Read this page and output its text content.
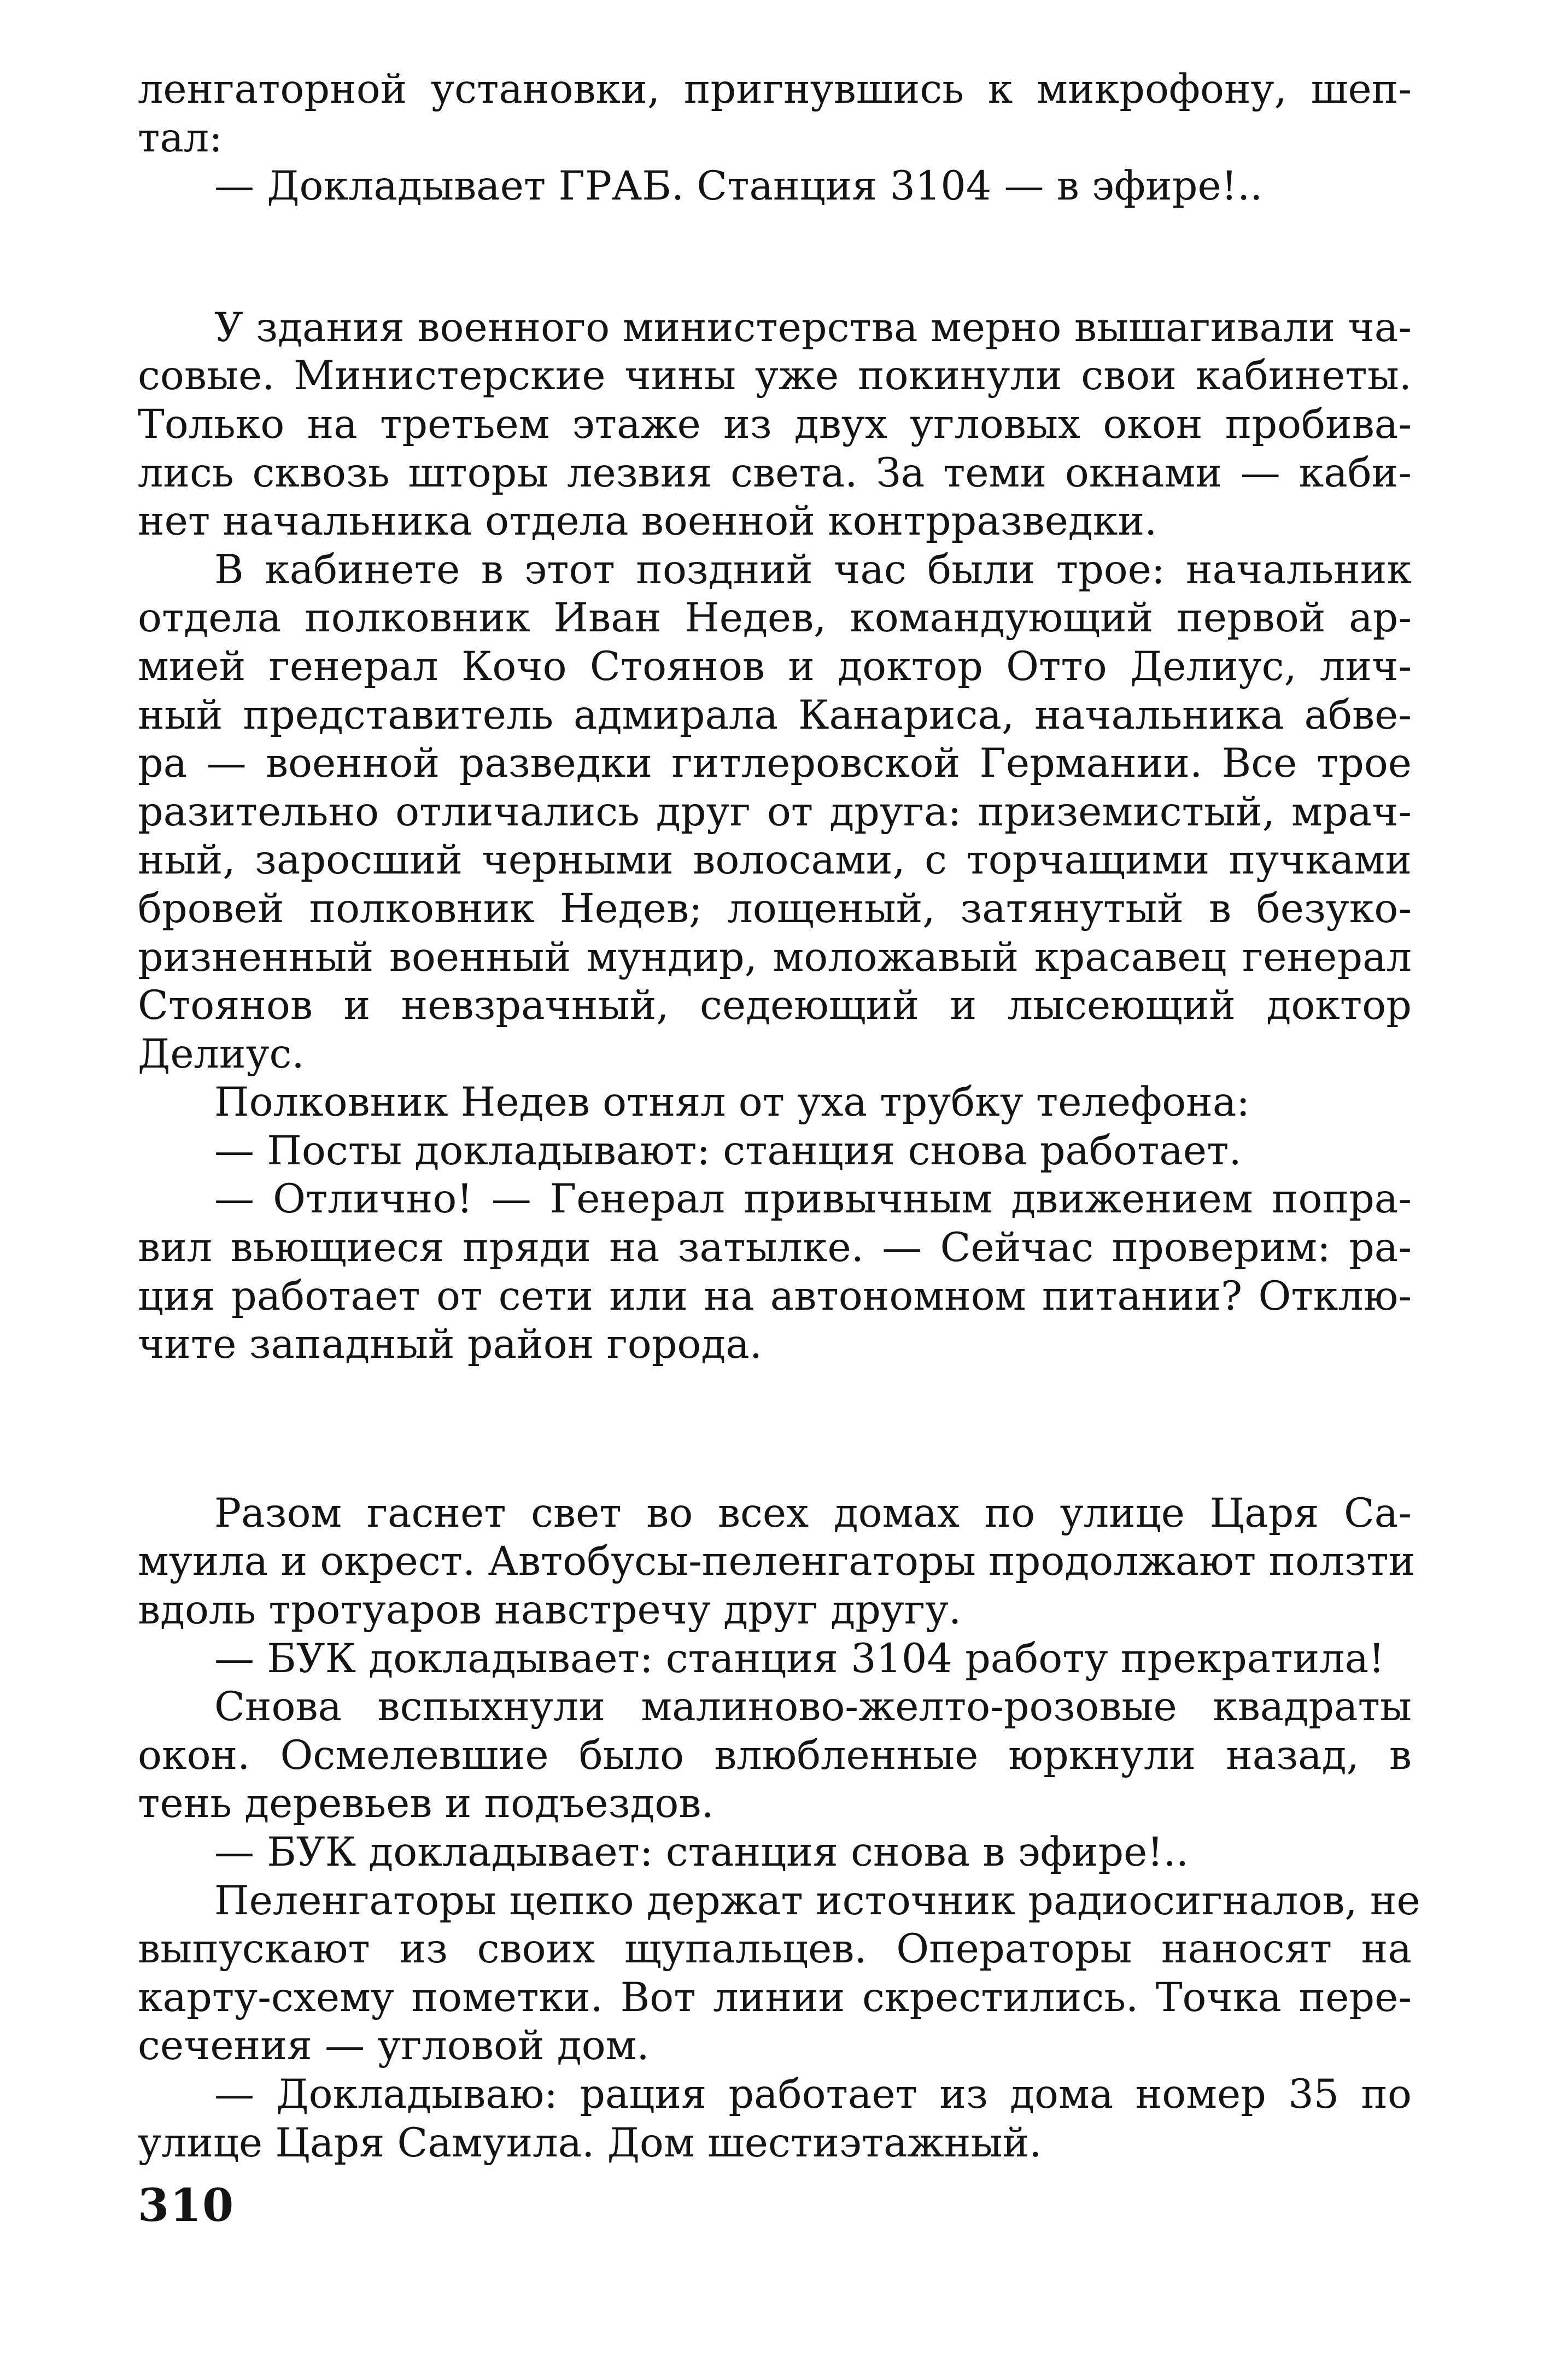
ленгаторной установки, пригнувшись к микрофону, шеп-
тал:
— Докладывает ГРАБ. Станция 3104 — в эфире!..
У здания военного министерства мерно вышагивали ча-
совые. Министерские чины уже покинули свои кабинеты.
Только на третьем этаже из двух угловых окон пробива-
лись сквозь шторы лезвия света. За теми окнами — каби-
нет начальника отдела военной контрразведки.
В кабинете в этот поздний час были трое: начальник
отдела полковник Иван Недев, командующий первой ар-
мией генерал Кочо Стоянов и доктор Отто Делиус, лич-
ный представитель адмирала Канариса, начальника абве-
ра — военной разведки гитлеровской Германии. Все трое
разительно отличались друг от друга: приземистый, мрач-
ный, заросший черными волосами, с торчащими пучками
бровей полковник Недев; лощеный, затянутый в безуко-
ризненный военный мундир, моложавый красавец генерал
Стоянов и невзрачный, седеющий и лысеющий доктор
Делиус.
Полковник Недев отнял от уха трубку телефона:
— Посты докладывают: станция снова работает.
— Отлично! — Генерал привычным движением попра-
вил вьющиеся пряди на затылке. — Сейчас проверим: ра-
ция работает от сети или на автономном питании? Отклю-
чите западный район города.
Разом гаснет свет во всех домах по улице Царя Са-
муила и окрест. Автобусы-пеленгаторы продолжают ползти
вдоль тротуаров навстречу друг другу.
— БУК докладывает: станция 3104 работу прекратила!
Снова вспыхнули малиново-желто-розовые квадраты
окон. Осмелевшие было влюбленные юркнули назад, в
тень деревьев и подъездов.
— БУК докладывает: станция снова в эфире!..
Пеленгаторы цепко держат источник радиосигналов, не
выпускают из своих щупальцев. Операторы наносят на
карту-схему пометки. Вот линии скрестились. Точка пере-
сечения — угловой дом.
— Докладываю: рация работает из дома номер 35 по
улице Царя Самуила. Дом шестиэтажный.
310
